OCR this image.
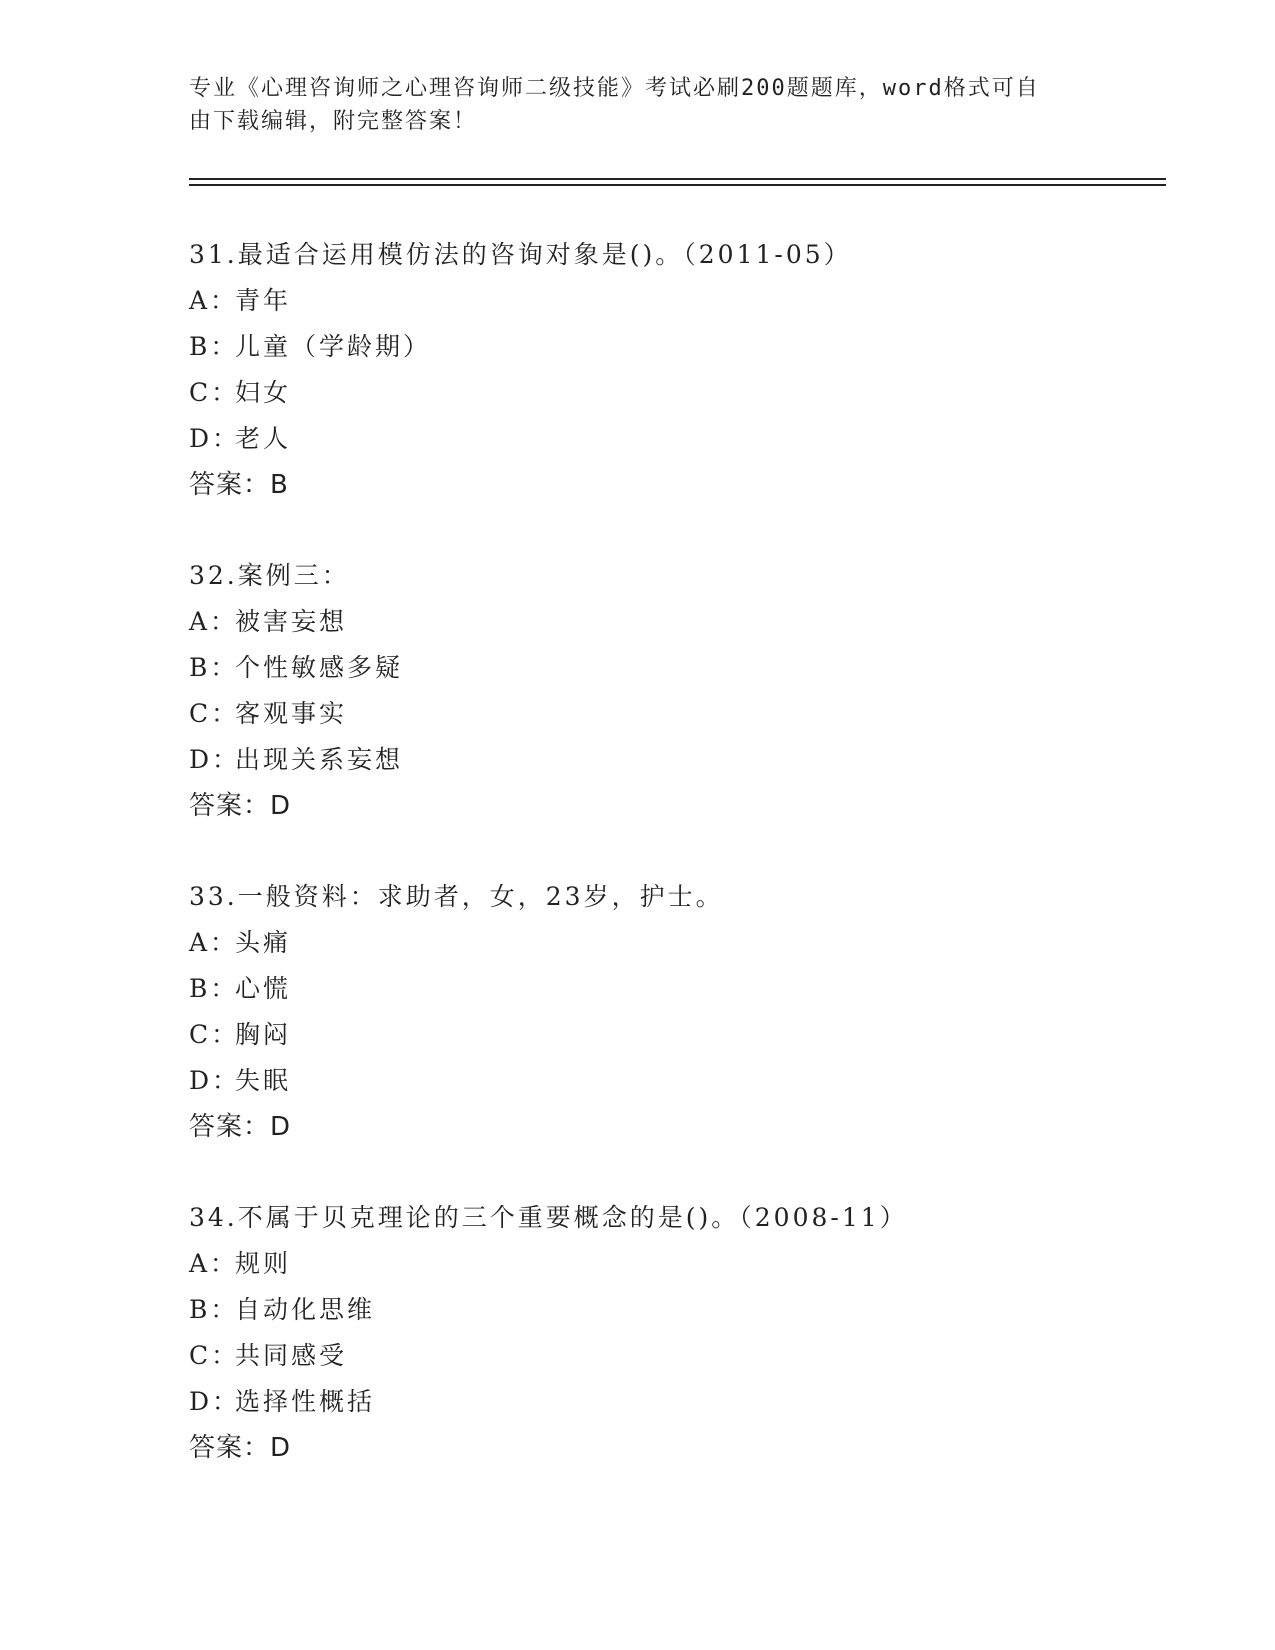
专业《心理咨询师之心理咨询师二级技能》考试必刷200题题库，word格式可自
由下载编辑，附完整答案！
31.最适合运用模仿法的咨询对象是()。（2011-05）
A：青年
B：儿童（学龄期）
C：妇女
D：老人
答案：B
32.案例三：
A：被害妄想
B：个性敏感多疑
C：客观事实
D：出现关系妄想
答案：D
33.一般资料：求助者，女，23岁，护士。
A：头痛
B：心慌
C：胸闷
D：失眠
答案：D
34.不属于贝克理论的三个重要概念的是()。（2008-11）
A：规则
B：自动化思维
C：共同感受
D：选择性概括
答案：D
